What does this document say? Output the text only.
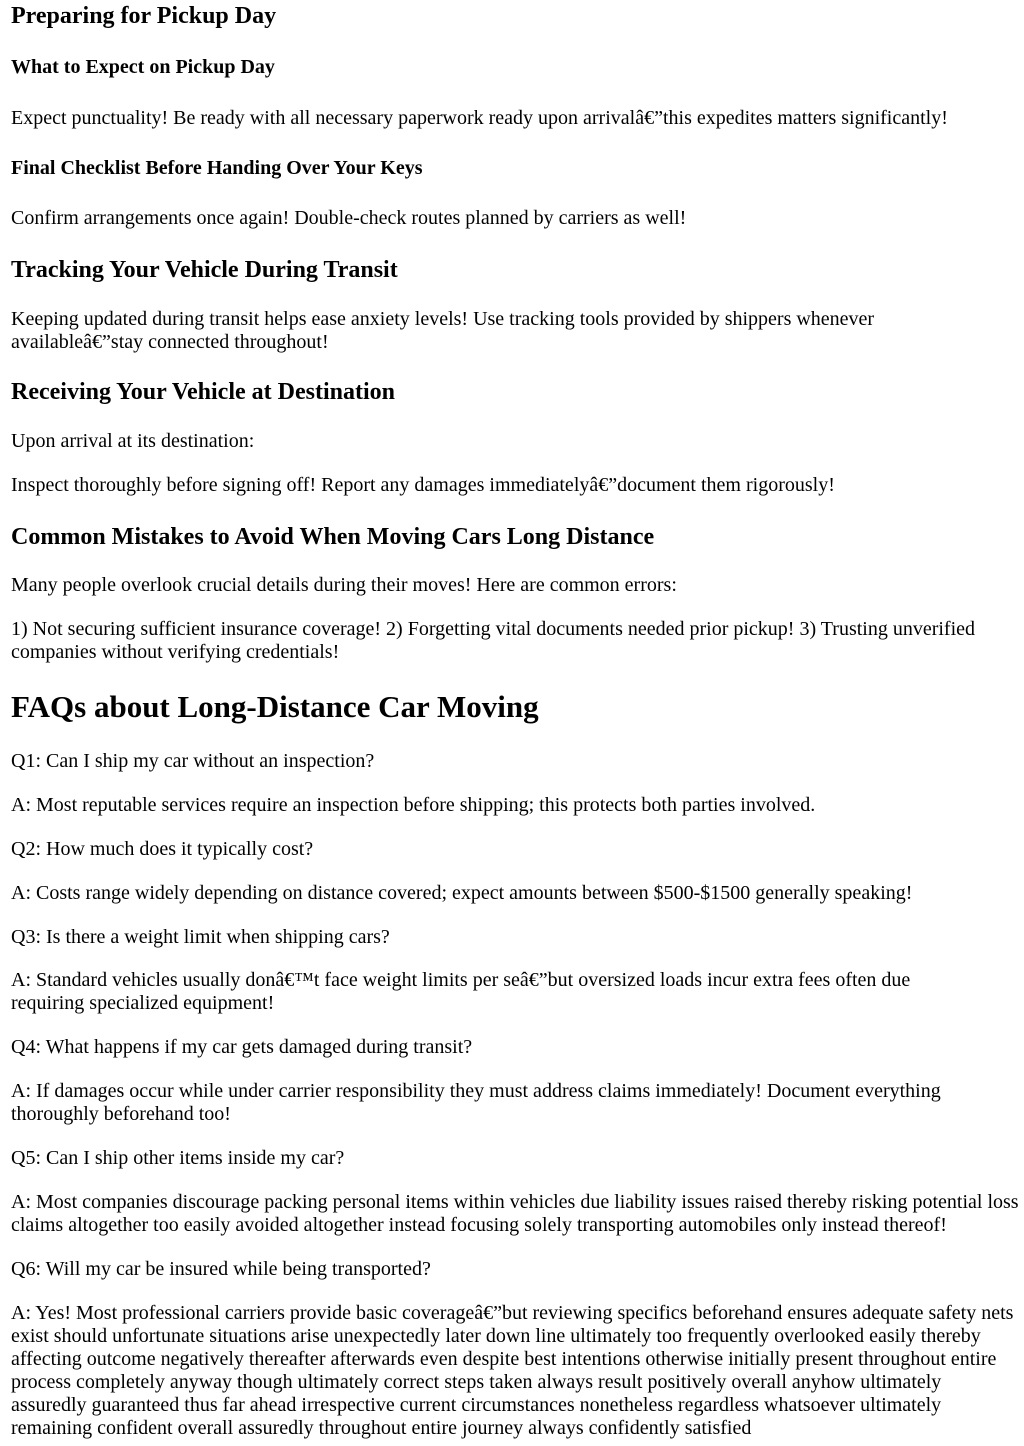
Preparing for Pickup Day
What to Expect on Pickup Day

Expect punctuality! Be ready with all necessary paperwork ready upon arrivalâ€”this expedites matters significantly!

Final Checklist Before Handing Over Your Keys

Confirm arrangements once again! Double-check routes planned by carriers as well!

Tracking Your Vehicle During Transit

Keeping updated during transit helps ease anxiety levels! Use tracking tools provided by shippers whenever availableâ€”stay connected throughout!

Receiving Your Vehicle at Destination

Upon arrival at its destination:

Inspect thoroughly before signing off! Report any damages immediatelyâ€”document them rigorously!

Common Mistakes to Avoid When Moving Cars Long Distance

Many people overlook crucial details during their moves! Here are common errors:

1) Not securing sufficient insurance coverage! 2) Forgetting vital documents needed prior pickup! 3) Trusting unverified companies without verifying credentials!

FAQs about Long-Distance Car Moving

Q1: Can I ship my car without an inspection?

A: Most reputable services require an inspection before shipping; this protects both parties involved.

Q2: How much does it typically cost?

A: Costs range widely depending on distance covered; expect amounts between $500-$1500 generally speaking!

Q3: Is there a weight limit when shipping cars?

A: Standard vehicles usually donâ€™t face weight limits per seâ€”but oversized loads incur extra fees often due requiring specialized equipment!

Q4: What happens if my car gets damaged during transit?

A: If damages occur while under carrier responsibility they must address claims immediately! Document everything thoroughly beforehand too!

Q5: Can I ship other items inside my car?

A: Most companies discourage packing personal items within vehicles due liability issues raised thereby risking potential loss claims altogether too easily avoided altogether instead focusing solely transporting automobiles only instead thereof!

Q6: Will my car be insured while being transported?

A: Yes! Most professional carriers provide basic coverageâ€”but reviewing specifics beforehand ensures adequate safety nets exist should unfortunate situations arise unexpectedly later down line ultimately too frequently overlooked easily thereby affecting outcome negatively thereafter afterwards even despite best intentions otherwise initially present throughout entire process completely anyway though ultimately correct steps taken always result positively overall anyhow ultimately assuredly guaranteed thus far ahead irrespective current circumstances nonetheless regardless whatsoever ultimately remaining confident overall assuredly throughout entire journey always confidently satisfied
